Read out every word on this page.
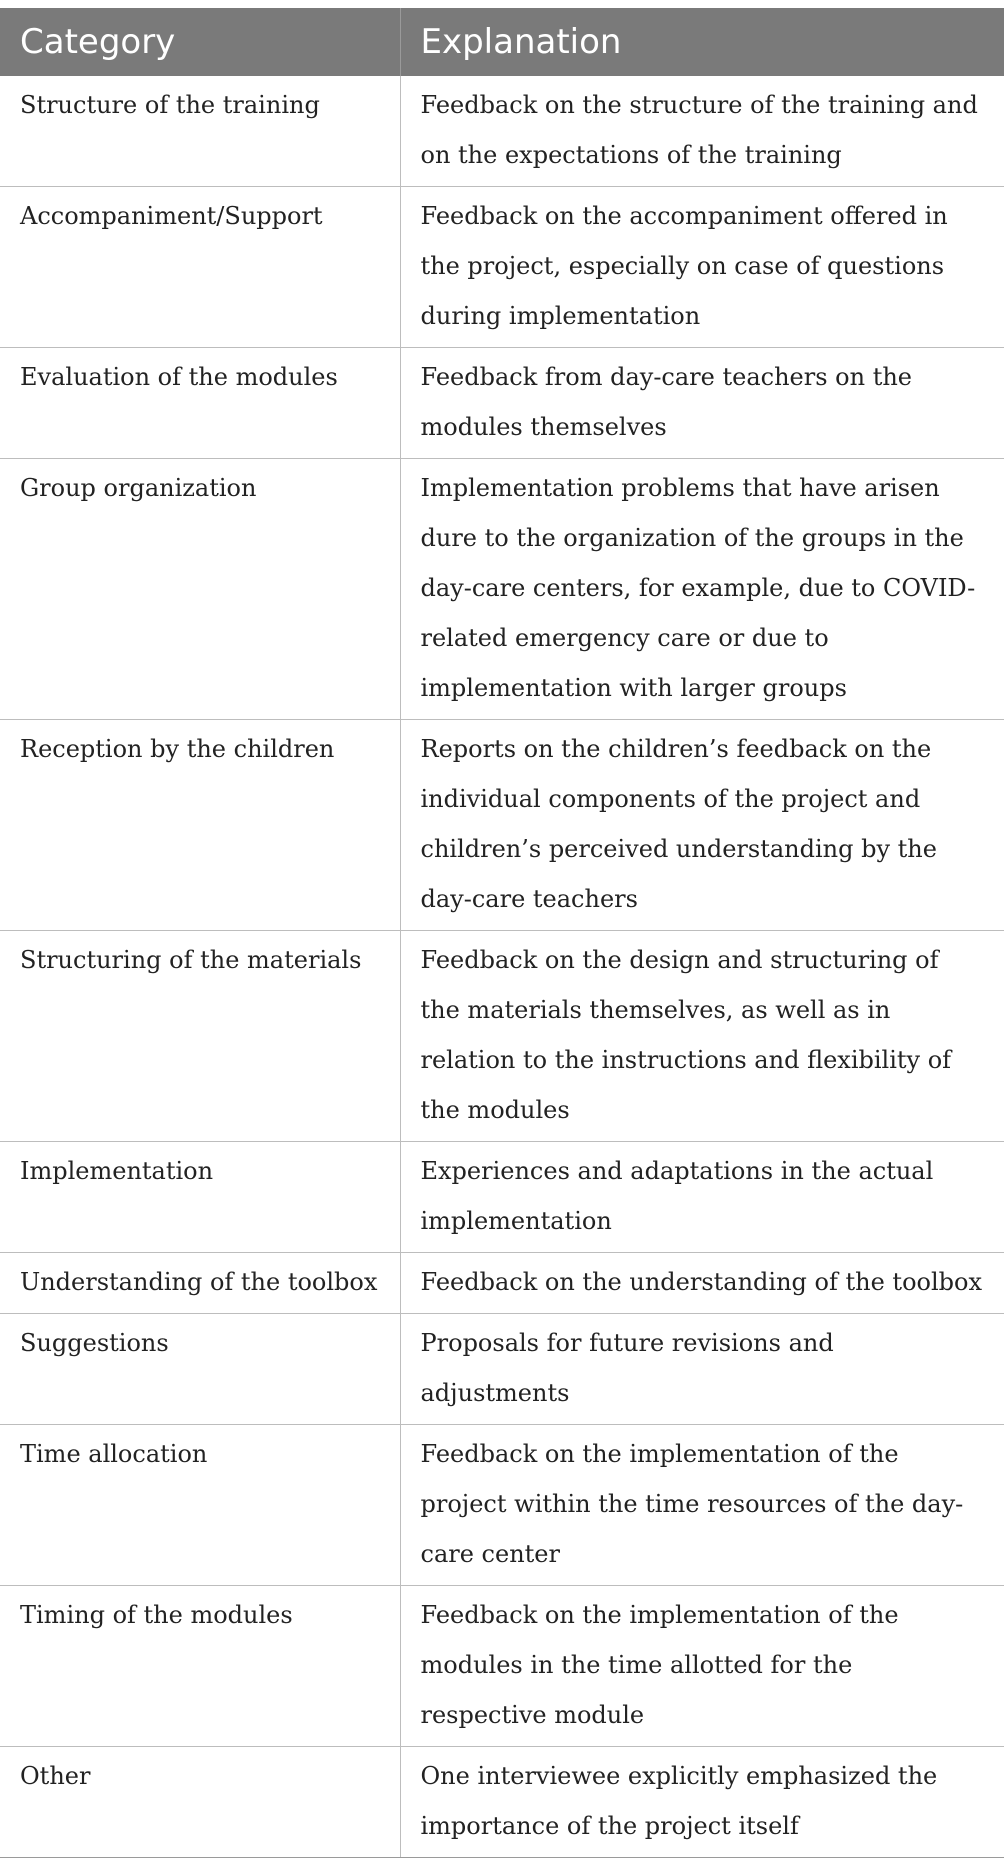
Category	Explanation
Structure of the training	Feedback on the structure of the training and on the expectations of the training
Accompaniment/Support	Feedback on the accompaniment offered in the project, especially on case of questions during implementation
Evaluation of the modules	Feedback from day-care teachers on the modules themselves
Group organization	Implementation problems that have arisen dure to the organization of the groups in the day-care centers, for example, due to COVID-related emergency care or due to implementation with larger groups
Reception by the children	Reports on the children’s feedback on the individual components of the project and children’s perceived understanding by the day-care teachers
Structuring of the materials	Feedback on the design and structuring of the materials themselves, as well as in relation to the instructions and flexibility of the modules
Implementation	Experiences and adaptations in the actual implementation
Understanding of the toolbox	Feedback on the understanding of the toolbox
Suggestions	Proposals for future revisions and adjustments
Time allocation	Feedback on the implementation of the project within the time resources of the day-care center
Timing of the modules	Feedback on the implementation of the modules in the time allotted for the respective module
Other	One interviewee explicitly emphasized the importance of the project itself
